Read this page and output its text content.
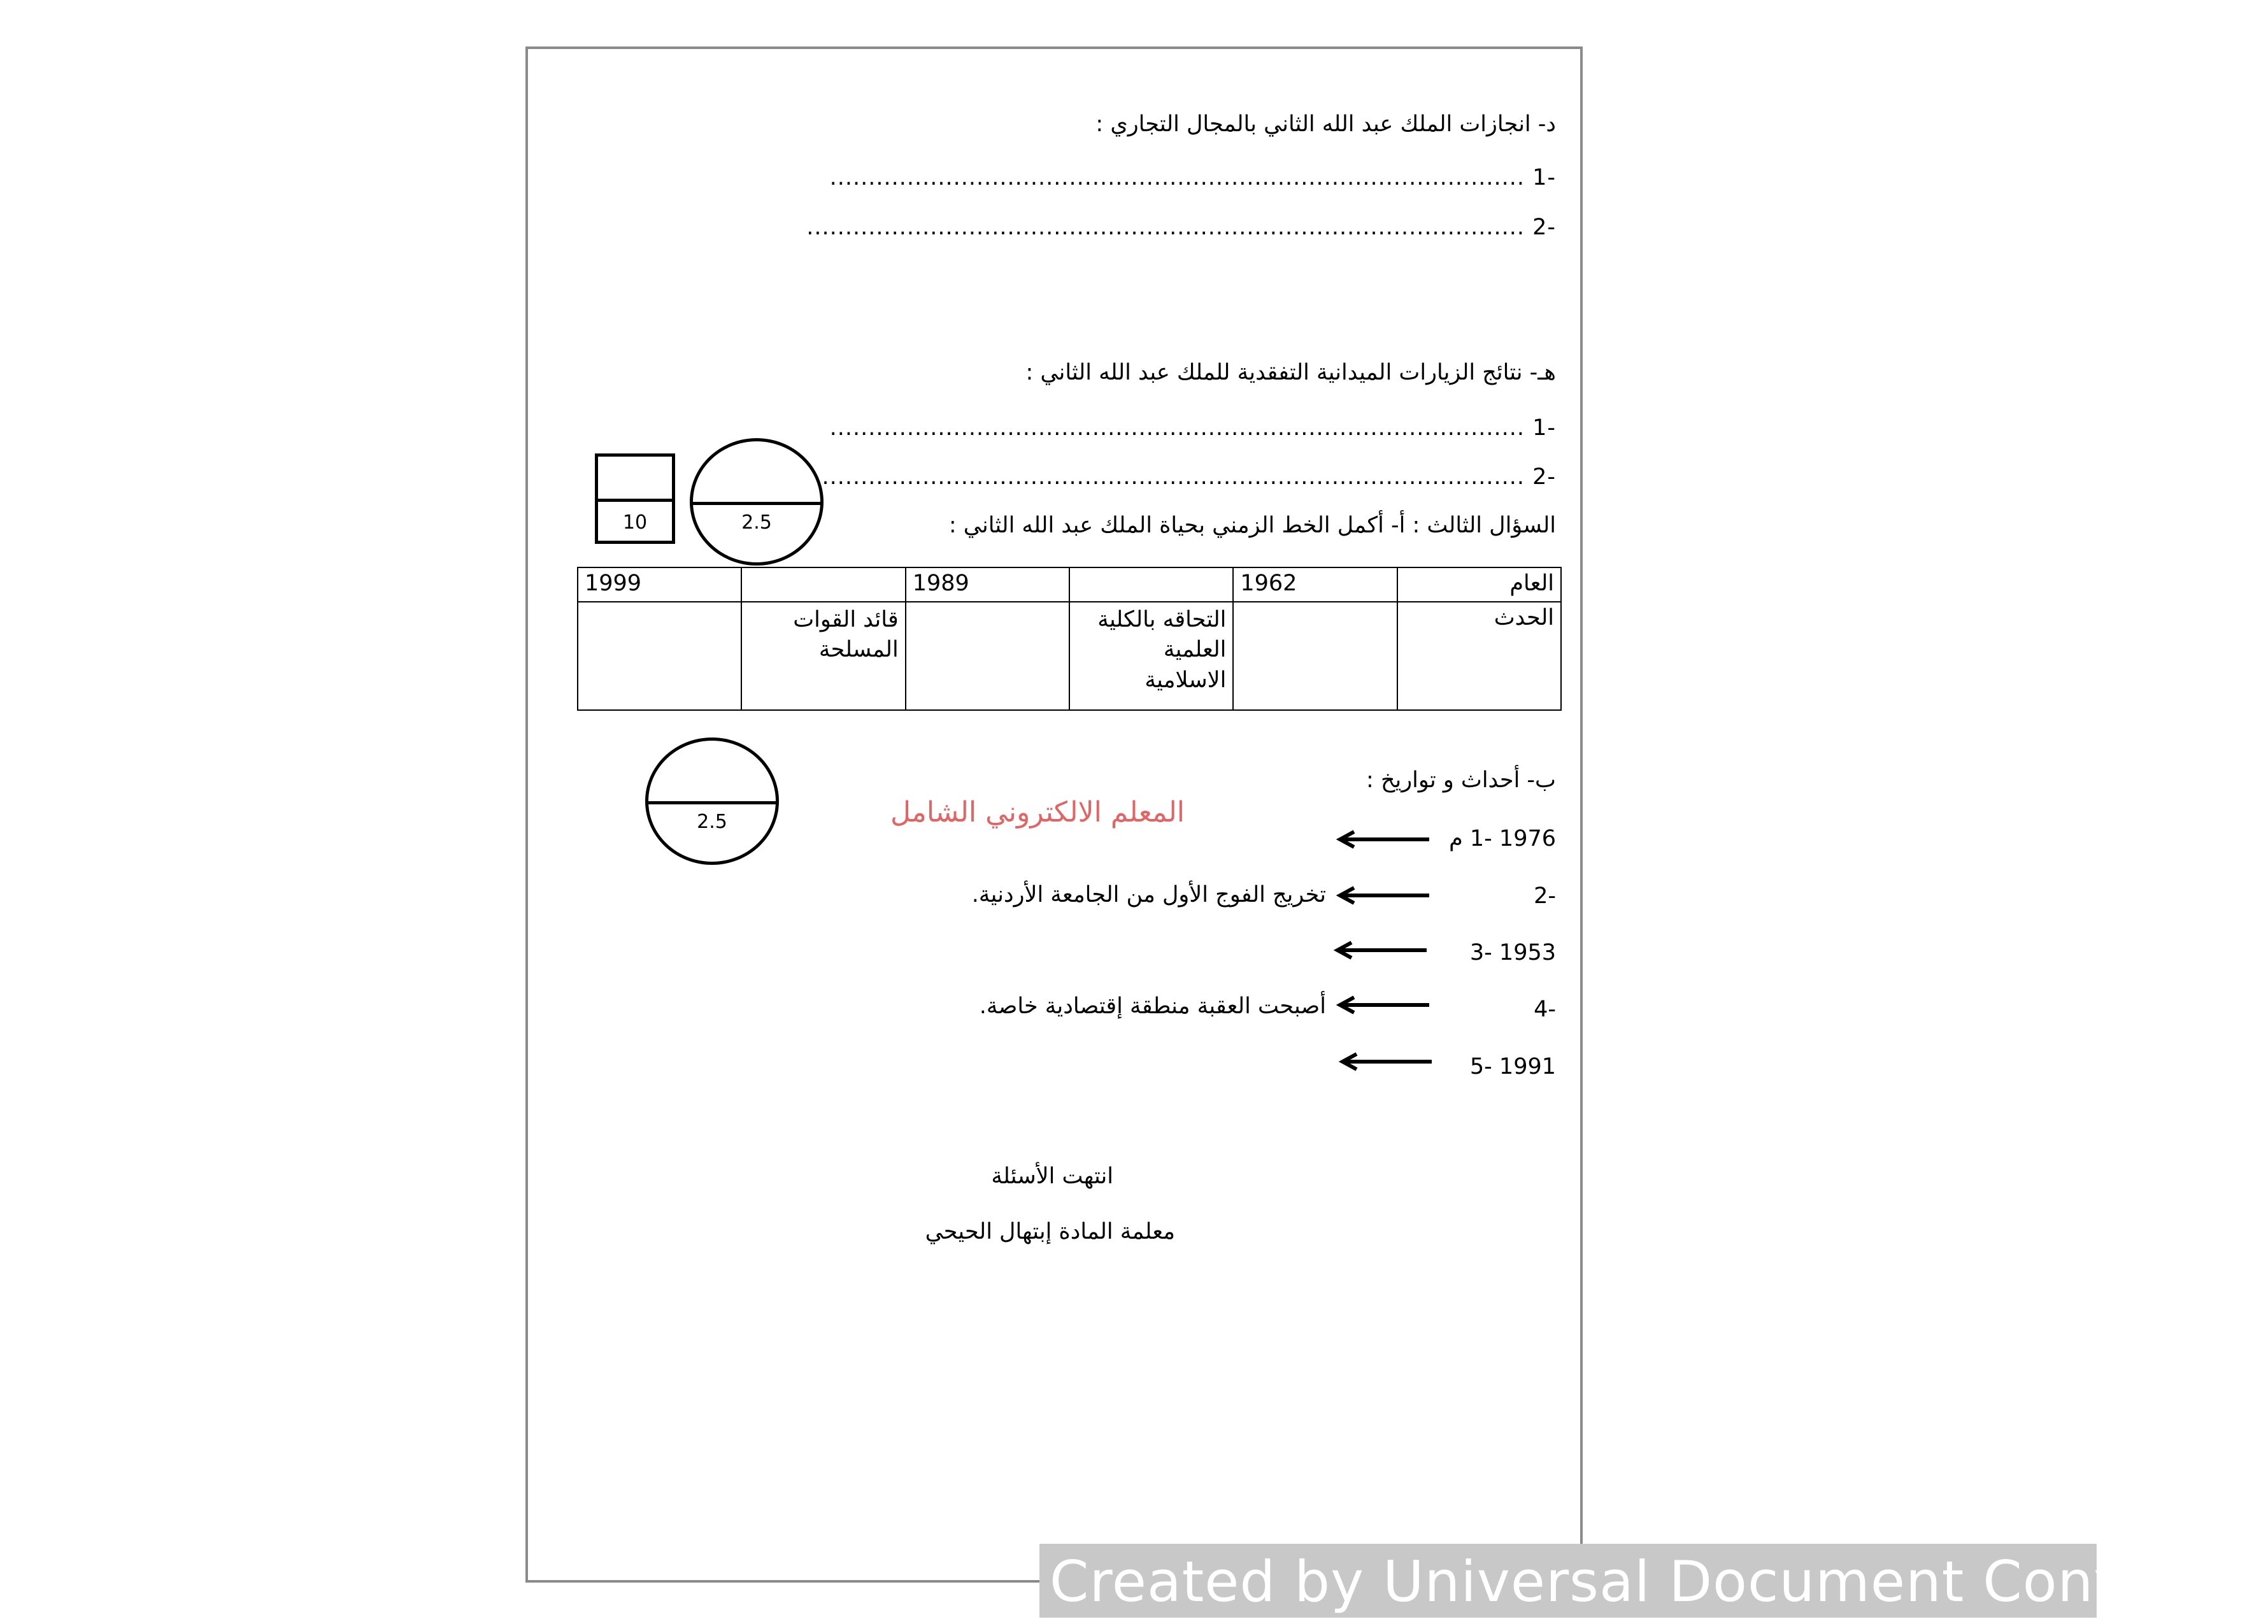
د- انجازات الملك عبد الله الثاني بالمجال التجاري :
-1 ..........................................................................................
-2 .............................................................................................
هـ- نتائج الزيارات الميدانية التفقدية للملك عبد الله الثاني :
-1 ..........................................................................................
-2 ...........................................................................................
10	2.5	السؤال الثالث : أ- أكمل الخط الزمني بحياة الملك عبد الله الثاني :
العام	1962		1989		1999
الحدث		التحاقه بالكلية العلمية الاسلامية		قائد القوات المسلحة	
2.5
ب- أحداث و تواريخ :
المعلم الالكتروني الشامل
1976 -1 م
-2
تخريج الفوج الأول من الجامعة الأردنية.
1953 -3
-4
أصبحت العقبة منطقة إقتصادية خاصة.
1991 -5
انتهت الأسئلة
معلمة المادة إبتهال الحيحي
Created by Universal Document Converter
